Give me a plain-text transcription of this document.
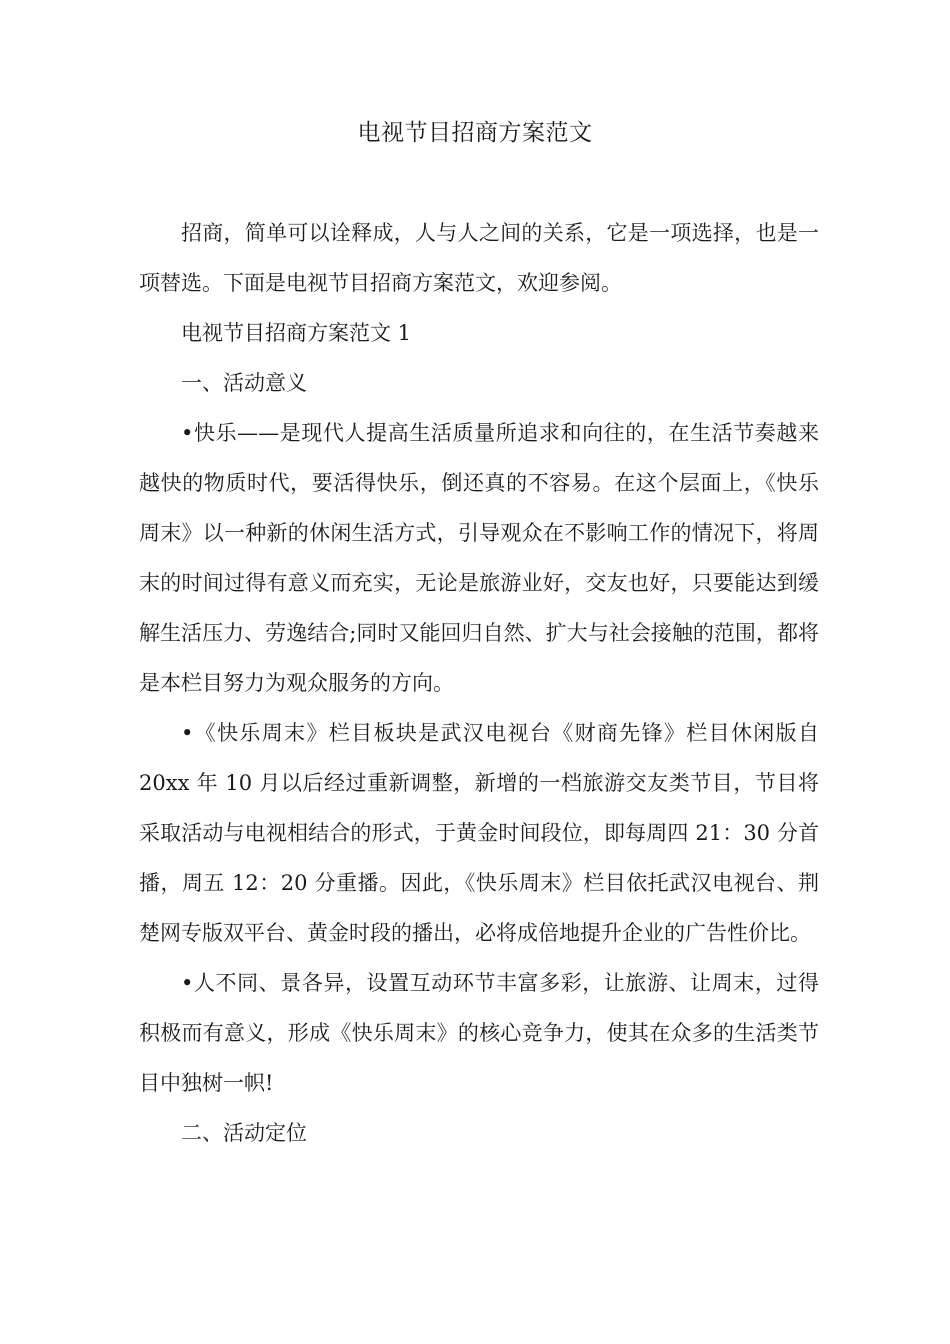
电视节目招商方案范文

招商，简单可以诠释成，人与人之间的关系，它是一项选择，也是一项替选。下面是电视节目招商方案范文，欢迎参阅。

电视节目招商方案范文 1

一、活动意义

•快乐——是现代人提高生活质量所追求和向往的，在生活节奏越来越快的物质时代，要活得快乐，倒还真的不容易。在这个层面上，《快乐周末》以一种新的休闲生活方式，引导观众在不影响工作的情况下，将周末的时间过得有意义而充实，无论是旅游业好，交友也好，只要能达到缓解生活压力、劳逸结合;同时又能回归自然、扩大与社会接触的范围，都将是本栏目努力为观众服务的方向。

•《快乐周末》栏目板块是武汉电视台《财商先锋》栏目休闲版自 20xx 年 10 月以后经过重新调整，新增的一档旅游交友类节目，节目将采取活动与电视相结合的形式，于黄金时间段位，即每周四 21：30 分首播，周五 12：20 分重播。因此，《快乐周末》栏目依托武汉电视台、荆楚网专版双平台、黄金时段的播出，必将成倍地提升企业的广告性价比。

•人不同、景各异，设置互动环节丰富多彩，让旅游、让周末，过得积极而有意义，形成《快乐周末》的核心竞争力，使其在众多的生活类节目中独树一帜!

二、活动定位
